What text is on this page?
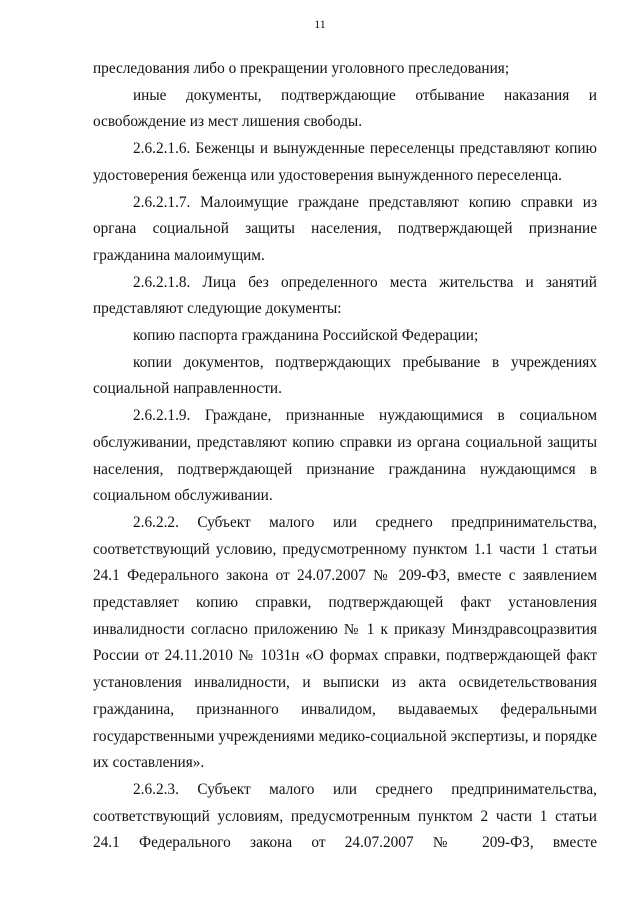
11

преследования либо о прекращении уголовного преследования;

иные документы, подтверждающие отбывание наказания и освобождение из мест лишения свободы.

2.6.2.1.6. Беженцы и вынужденные переселенцы представляют копию удостоверения беженца или удостоверения вынужденного переселенца.

2.6.2.1.7. Малоимущие граждане представляют копию справки из органа социальной защиты населения, подтверждающей признание гражданина малоимущим.

2.6.2.1.8. Лица без определенного места жительства и занятий представляют следующие документы:

копию паспорта гражданина Российской Федерации;

копии документов, подтверждающих пребывание в учреждениях социальной направленности.

2.6.2.1.9. Граждане, признанные нуждающимися в социальном обслуживании, представляют копию справки из органа социальной защиты населения, подтверждающей признание гражданина нуждающимся в социальном обслуживании.

2.6.2.2. Субъект малого или среднего предпринимательства, соответствующий условию, предусмотренному пунктом 1.1 части 1 статьи 24.1 Федерального закона от 24.07.2007 № 209-ФЗ, вместе с заявлением представляет копию справки, подтверждающей факт установления инвалидности согласно приложению № 1 к приказу Минздравсоцразвития России от 24.11.2010 № 1031н «О формах справки, подтверждающей факт установления инвалидности, и выписки из акта освидетельствования гражданина, признанного инвалидом, выдаваемых федеральными государственными учреждениями медико-социальной экспертизы, и порядке их составления».

2.6.2.3. Субъект малого или среднего предпринимательства, соответствующий условиям, предусмотренным пунктом 2 части 1 статьи 24.1 Федерального закона от 24.07.2007 № 209-ФЗ, вместе
